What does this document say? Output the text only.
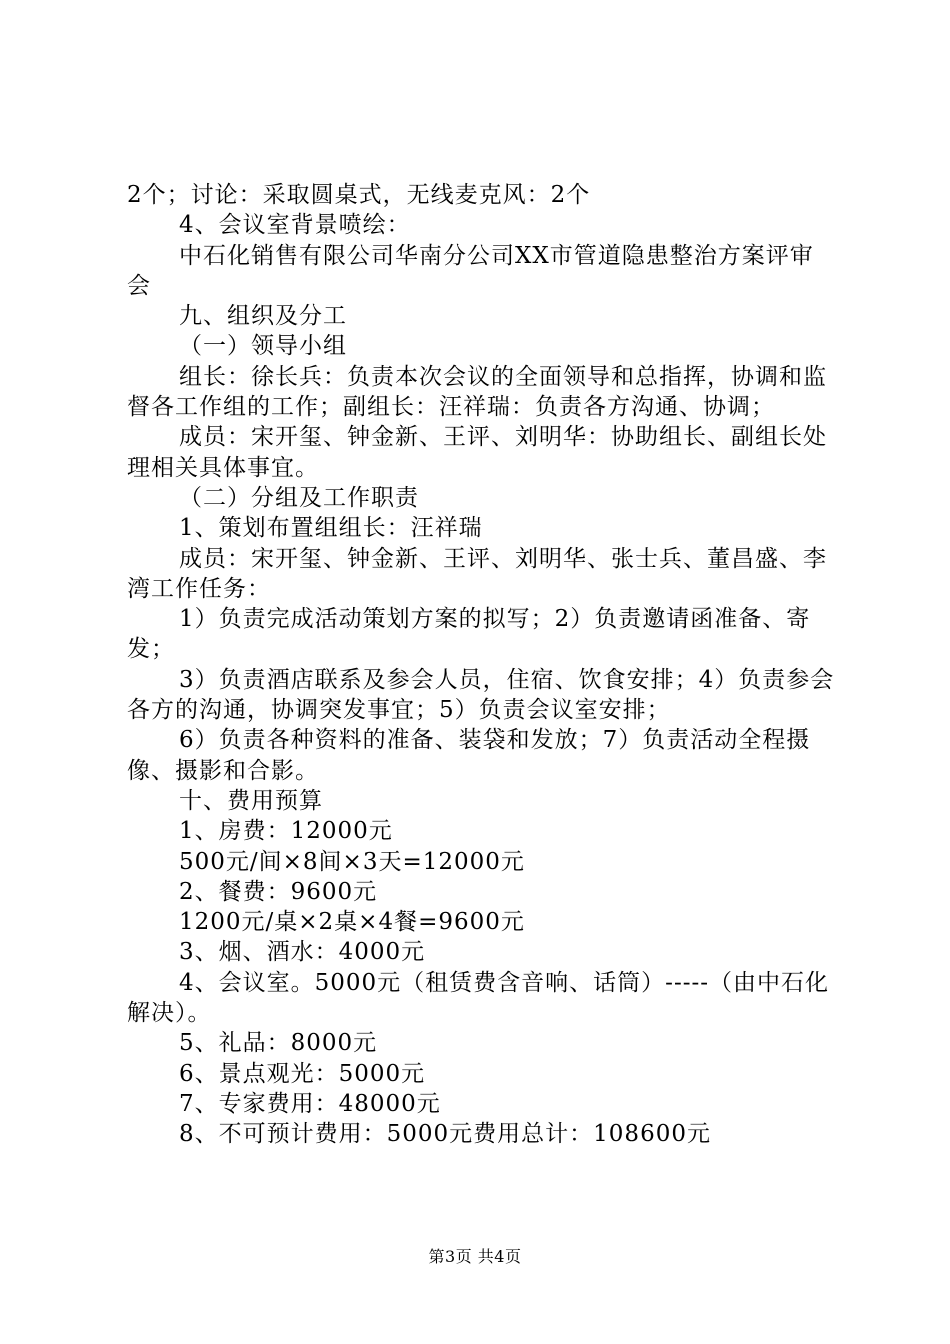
2个；讨论：采取圆桌式，无线麦克风：2个

4、会议室背景喷绘：

中石化销售有限公司华南分公司XX市管道隐患整治方案评审会

九、组织及分工

（一）领导小组

组长：徐长兵：负责本次会议的全面领导和总指挥，协调和监督各工作组的工作；副组长：汪祥瑞：负责各方沟通、协调；

成员：宋开玺、钟金新、王评、刘明华：协助组长、副组长处理相关具体事宜。

（二）分组及工作职责

1、策划布置组组长：汪祥瑞

成员：宋开玺、钟金新、王评、刘明华、张士兵、董昌盛、李湾工作任务：

1）负责完成活动策划方案的拟写；2）负责邀请函准备、寄发；

3）负责酒店联系及参会人员，住宿、饮食安排；4）负责参会各方的沟通，协调突发事宜；5）负责会议室安排；

6）负责各种资料的准备、装袋和发放；7）负责活动全程摄像、摄影和合影。

十、费用预算

1、房费：12000元

500元/间×8间×3天=12000元

2、餐费：9600元

1200元/桌×2桌×4餐=9600元

3、烟、酒水：4000元

4、会议室。5000元（租赁费含音响、话筒）-----（由中石化解决）。

5、礼品：8000元

6、景点观光：5000元

7、专家费用：48000元

8、不可预计费用：5000元费用总计：108600元

第3页 共4页
